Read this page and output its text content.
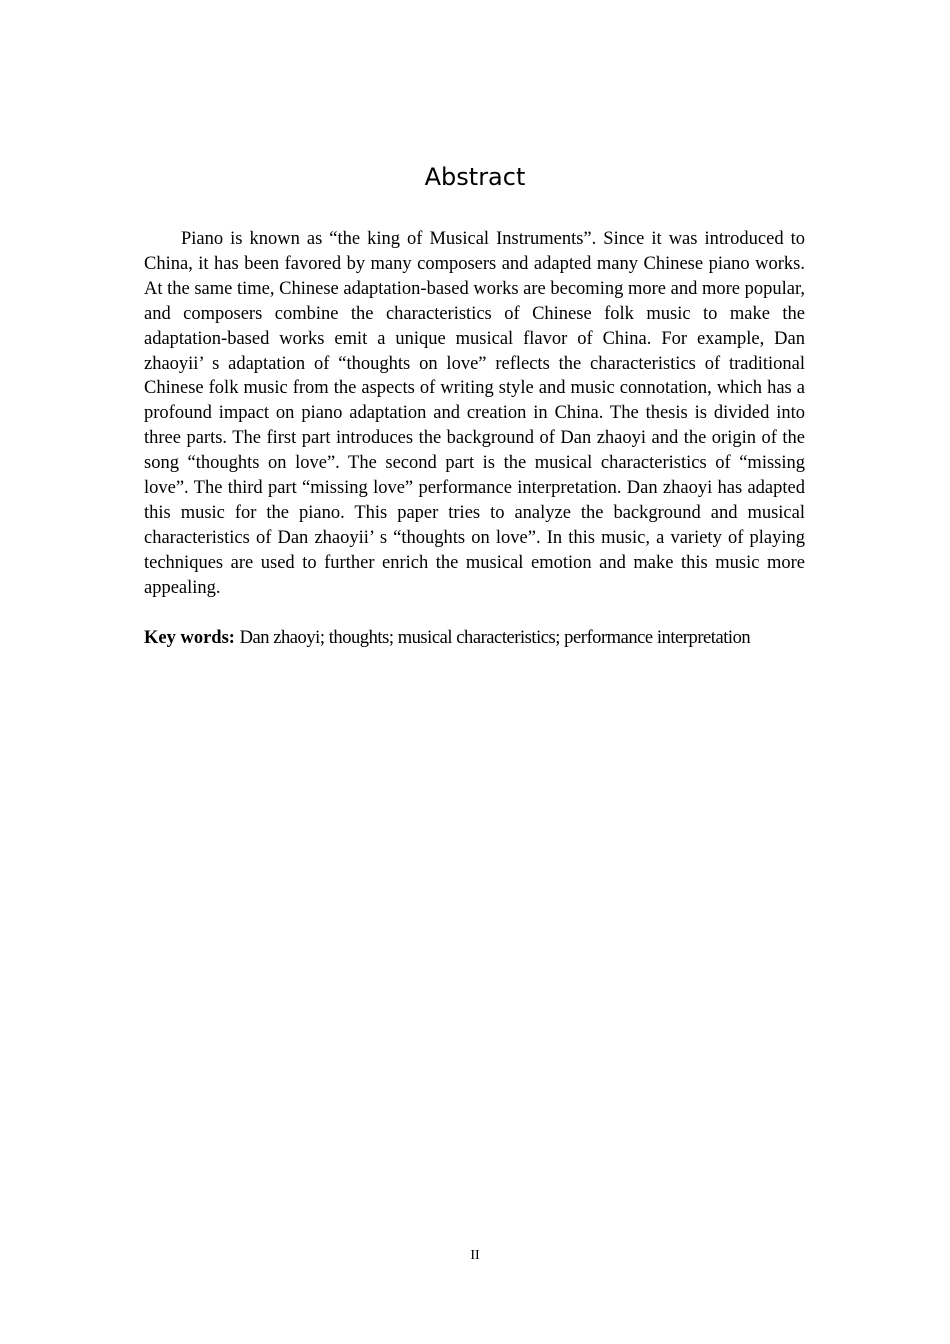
Abstract

Piano is known as “the king of Musical Instruments”. Since it was introduced to China, it has been favored by many composers and adapted many Chinese piano works. At the same time, Chinese adaptation-based works are becoming more and more popular, and composers combine the characteristics of Chinese folk music to make the adaptation-based works emit a unique musical flavor of China. For example, Dan zhaoyii’ s adaptation of “thoughts on love” reflects the characteristics of traditional Chinese folk music from the aspects of writing style and music connotation, which has a profound impact on piano adaptation and creation in China. The thesis is divided into three parts. The first part introduces the background of Dan zhaoyi and the origin of the song “thoughts on love”. The second part is the musical characteristics of “missing love”. The third part “missing love” performance interpretation. Dan zhaoyi has adapted this music for the piano. This paper tries to analyze the background and musical characteristics of Dan zhaoyii’ s “thoughts on love”. In this music, a variety of playing techniques are used to further enrich the musical emotion and make this music more appealing.

Key words: Dan zhaoyi; thoughts; musical characteristics; performance interpretation

II
